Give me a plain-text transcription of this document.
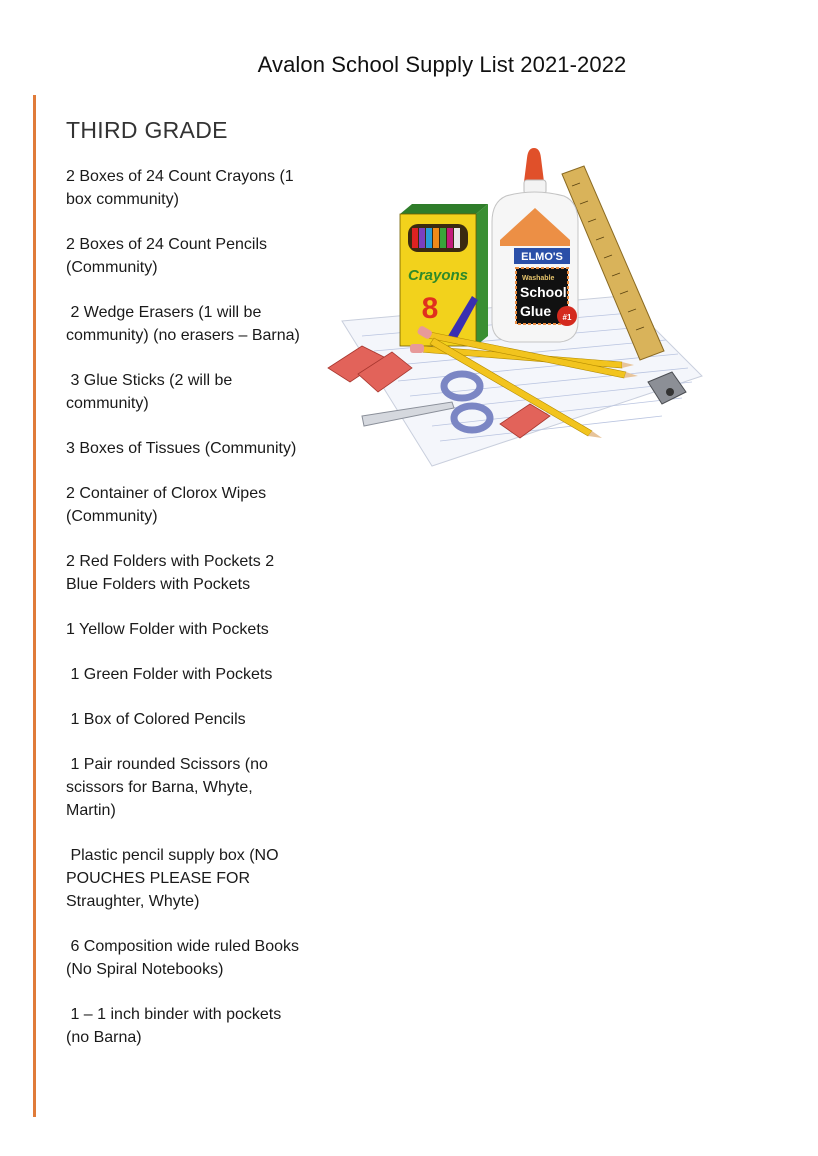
Avalon School Supply List 2021-2022
THIRD GRADE
2 Boxes of 24 Count Crayons (1 box community)
2 Boxes of 24 Count Pencils (Community)
2 Wedge Erasers (1 will be community) (no erasers – Barna)
3 Glue Sticks (2 will be community)
3 Boxes of Tissues (Community)
2 Container of Clorox Wipes (Community)
2 Red Folders with Pockets 2 Blue Folders with Pockets
1 Yellow Folder with Pockets
1 Green Folder with Pockets
1 Box of Colored Pencils
1 Pair rounded Scissors (no scissors for Barna, Whyte, Martin)
Plastic pencil supply box (NO POUCHES PLEASE FOR Straughter, Whyte)
6 Composition wide ruled Books (No Spiral Notebooks)
1 – 1 inch binder with pockets (no Barna)
ELMO'S
Washable
School
Glue #1
Crayons
8
